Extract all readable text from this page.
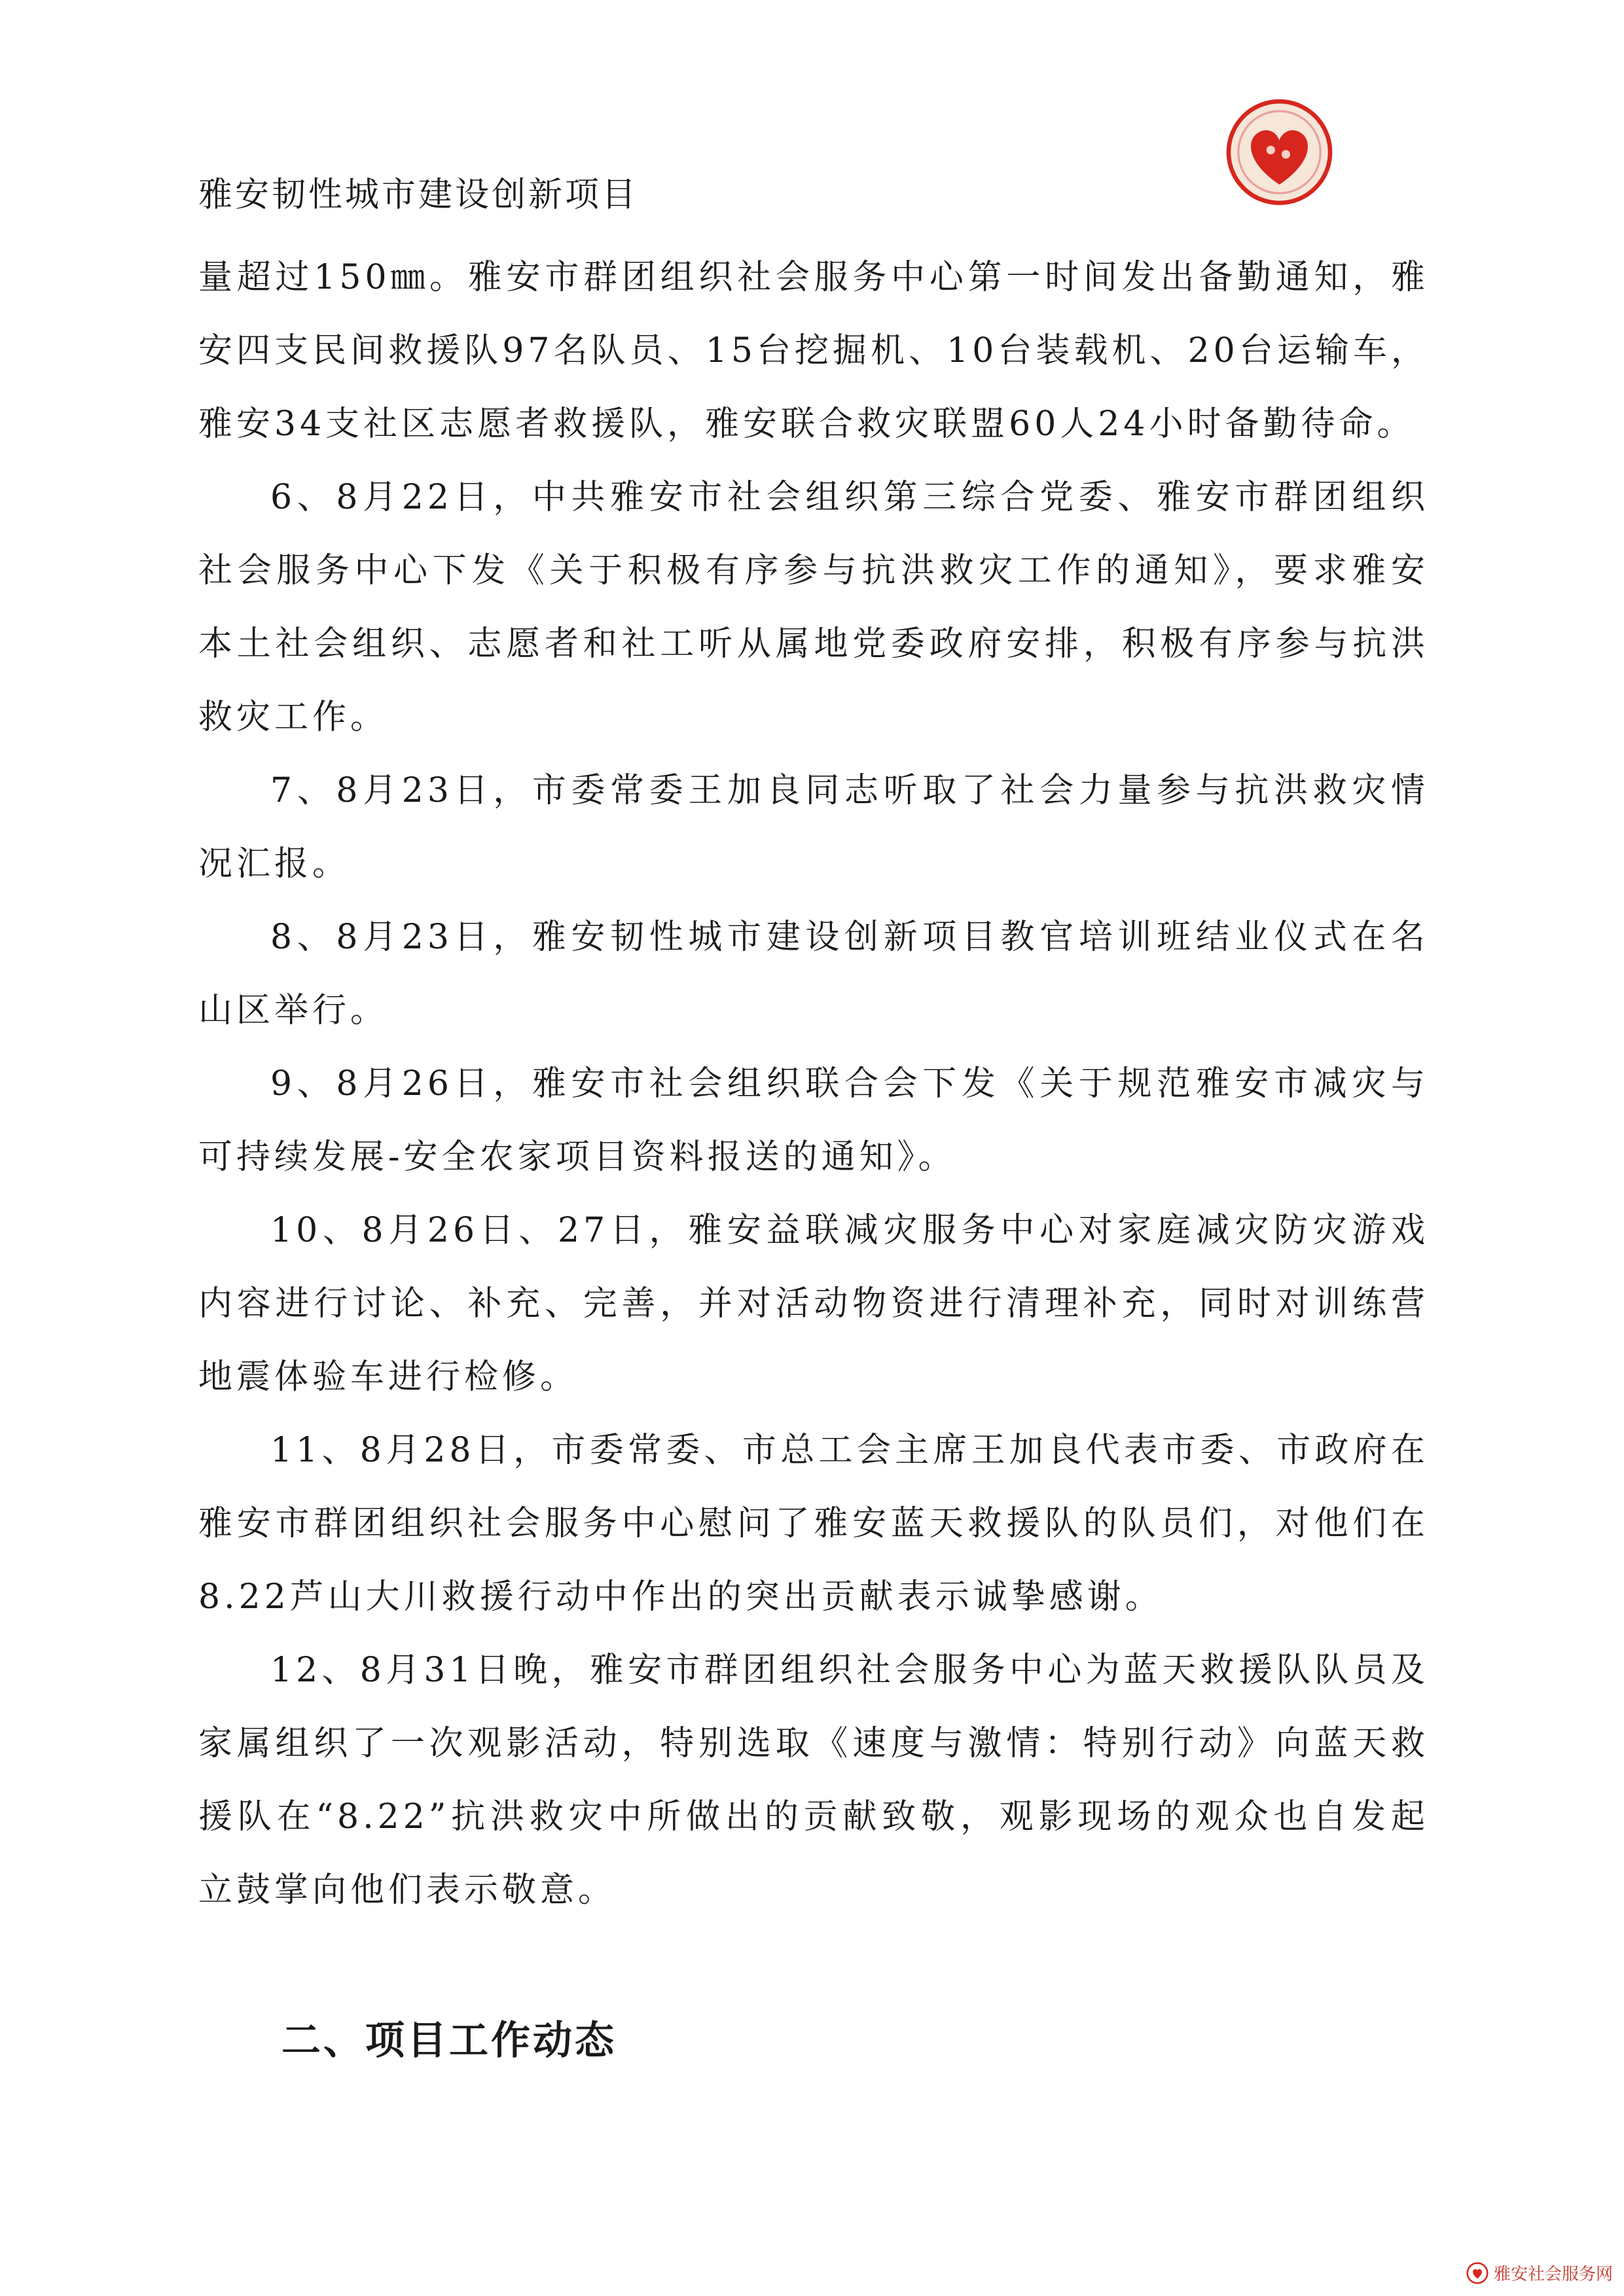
雅安韧性城市建设创新项目

量超过150㎜。雅安市群团组织社会服务中心第一时间发出备勤通知，雅安四支民间救援队97名队员、15台挖掘机、10台装载机、20台运输车，雅安34支社区志愿者救援队，雅安联合救灾联盟60人24小时备勤待命。

6、8月22日，中共雅安市社会组织第三综合党委、雅安市群团组织社会服务中心下发《关于积极有序参与抗洪救灾工作的通知》，要求雅安本土社会组织、志愿者和社工听从属地党委政府安排，积极有序参与抗洪救灾工作。

7、8月23日，市委常委王加良同志听取了社会力量参与抗洪救灾情况汇报。

8、8月23日，雅安韧性城市建设创新项目教官培训班结业仪式在名山区举行。

9、8月26日，雅安市社会组织联合会下发《关于规范雅安市减灾与可持续发展-安全农家项目资料报送的通知》。

10、8月26日、27日，雅安益联减灾服务中心对家庭减灾防灾游戏内容进行讨论、补充、完善，并对活动物资进行清理补充，同时对训练营地震体验车进行检修。

11、8月28日，市委常委、市总工会主席王加良代表市委、市政府在雅安市群团组织社会服务中心慰问了雅安蓝天救援队的队员们，对他们在8.22芦山大川救援行动中作出的突出贡献表示诚挚感谢。

12、8月31日晚，雅安市群团组织社会服务中心为蓝天救援队队员及家属组织了一次观影活动，特别选取《速度与激情：特别行动》向蓝天救援队在“8.22”抗洪救灾中所做出的贡献致敬，观影现场的观众也自发起立鼓掌向他们表示敬意。

二、项目工作动态
雅安社会服务网
